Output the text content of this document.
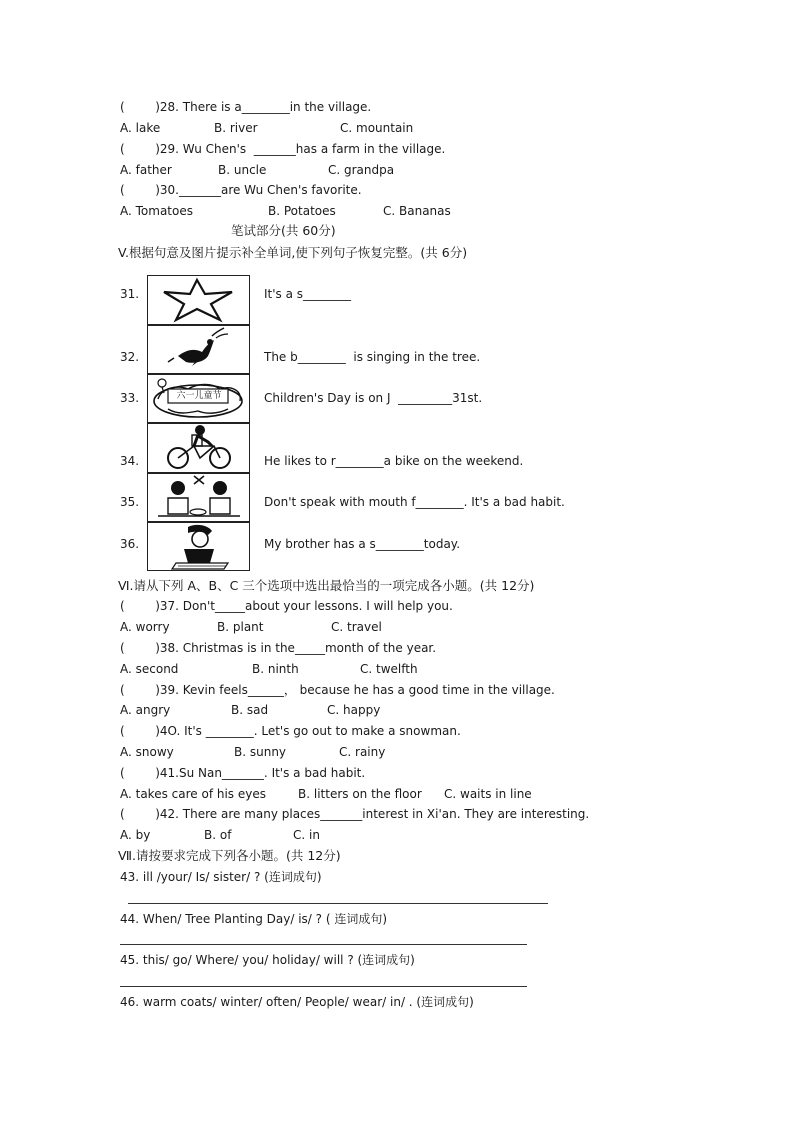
(        )28. There is a________in the village.
A. lake	B. river	C. mountain
(        )29. Wu Chen's  _______has a farm in the village.
A. father	B. uncle	C. grandpa
(        )30._______are Wu Chen's favorite.
A. Tomatoes	B. Potatoes	C. Bananas
笔试部分(共 60分)
V.根据句意及图片提示补全单词,使下列句子恢复完整。(共 6分)
六一儿童节
31.	It's a s________
32.	The b________  is singing in the tree.
33.	Children's Day is on J  _________31st.
34.	He likes to r________a bike on the weekend.
35.	Don't speak with mouth f________. It's a bad habit.
36.	My brother has a s________today.
Ⅵ.请从下列 A、B、C 三个选项中选出最恰当的一项完成各小题。(共 12分)
(        )37. Don't_____about your lessons. I will help you.
A. worry	B. plant	C. travel
(        )38. Christmas is in the_____month of the year.
A. second	B. ninth	C. twelfth
(        )39. Kevin feels______， because he has a good time in the village.
A. angry	B. sad	C. happy
(        )4O. It's ________. Let's go out to make a snowman.
A. snowy	B. sunny	C. rainy
(        )41.Su Nan_______. It's a bad habit.
A. takes care of his eyes	B. litters on the floor C. waits in line
(        )42. There are many places_______interest in Xi'an. They are interesting.
A. by	B. of	C. in
Ⅶ.请按要求完成下列各小题。(共 12分)
43. ill /your/ Is/ sister/ ? (连词成句)
44. When/ Tree Planting Day/ is/ ? ( 连词成句)
45. this/ go/ Where/ you/ holiday/ will ? (连词成句)
46. warm coats/ winter/ often/ People/ wear/ in/ . (连词成句)
